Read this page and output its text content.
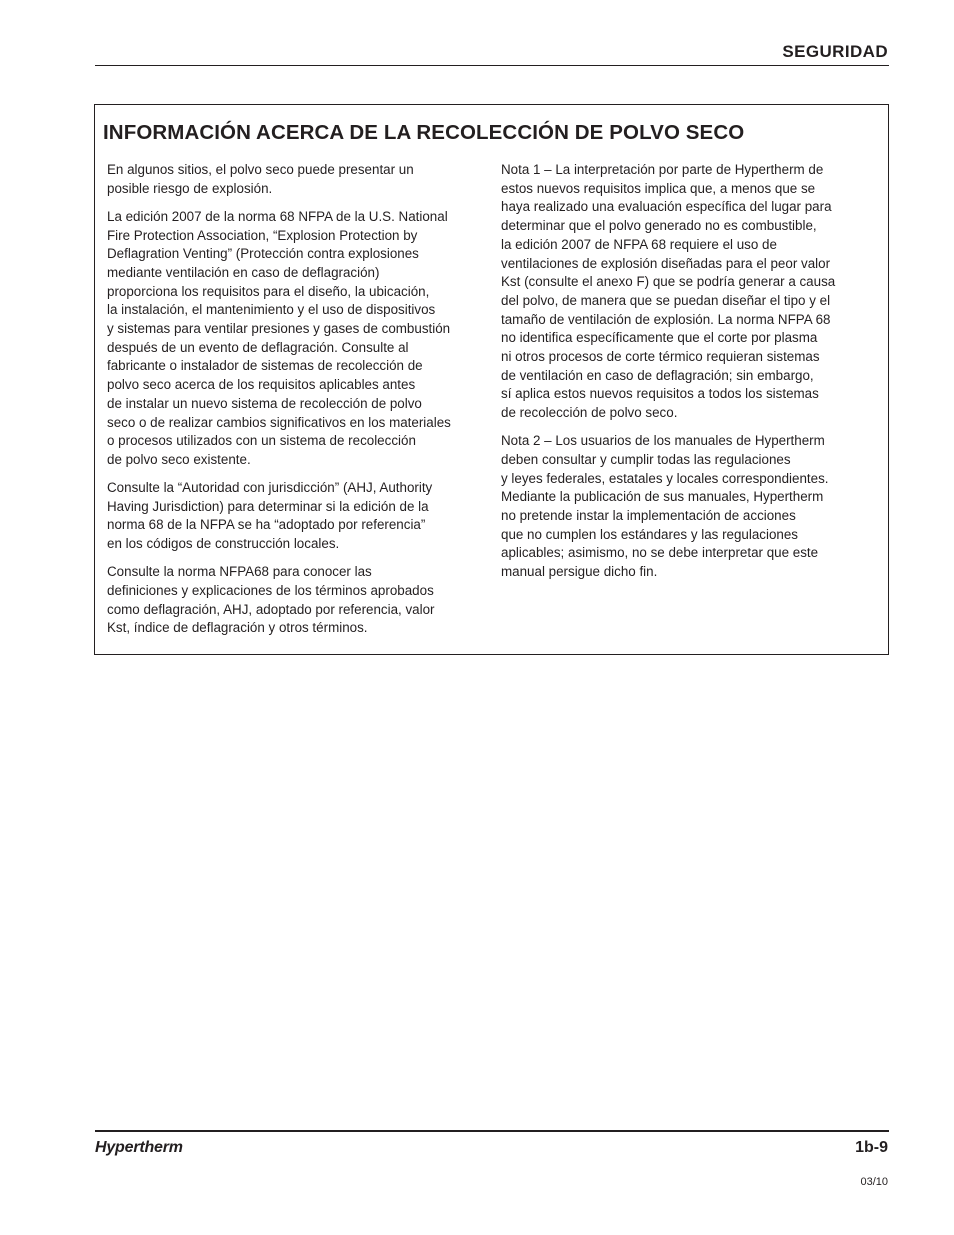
SEGURIDAD
INFORMACIÓN ACERCA DE LA RECOLECCIÓN DE POLVO SECO

En algunos sitios, el polvo seco puede presentar un
posible riesgo de explosión.

La edición 2007 de la norma 68 NFPA de la U.S. National
Fire Protection Association, “Explosion Protection by
Deflagration Venting” (Protección contra explosiones
mediante ventilación en caso de deflagración)
proporciona los requisitos para el diseño, la ubicación,
la instalación, el mantenimiento y el uso de dispositivos
y sistemas para ventilar presiones y gases de combustión
después de un evento de deflagración. Consulte al
fabricante o instalador de sistemas de recolección de
polvo seco acerca de los requisitos aplicables antes
de instalar un nuevo sistema de recolección de polvo
seco o de realizar cambios significativos en los materiales
o procesos utilizados con un sistema de recolección
de polvo seco existente.

Consulte la “Autoridad con jurisdicción” (AHJ, Authority
Having Jurisdiction) para determinar si la edición de la
norma 68 de la NFPA se ha “adoptado por referencia”
en los códigos de construcción locales.

Consulte la norma NFPA68 para conocer las
definiciones y explicaciones de los términos aprobados
como deflagración, AHJ, adoptado por referencia, valor
Kst, índice de deflagración y otros términos.

Nota 1 – La interpretación por parte de Hypertherm de
estos nuevos requisitos implica que, a menos que se
haya realizado una evaluación específica del lugar para
determinar que el polvo generado no es combustible,
la edición 2007 de NFPA 68 requiere el uso de
ventilaciones de explosión diseñadas para el peor valor
Kst (consulte el anexo F) que se podría generar a causa
del polvo, de manera que se puedan diseñar el tipo y el
tamaño de ventilación de explosión. La norma NFPA 68
no identifica específicamente que el corte por plasma
ni otros procesos de corte térmico requieran sistemas
de ventilación en caso de deflagración; sin embargo,
sí aplica estos nuevos requisitos a todos los sistemas
de recolección de polvo seco.

Nota 2 – Los usuarios de los manuales de Hypertherm
deben consultar y cumplir todas las regulaciones
y leyes federales, estatales y locales correspondientes.
Mediante la publicación de sus manuales, Hypertherm
no pretende instar la implementación de acciones
que no cumplen los estándares y las regulaciones
aplicables; asimismo, no se debe interpretar que este
manual persigue dicho fin.

Hypertherm	1b-9
03/10
